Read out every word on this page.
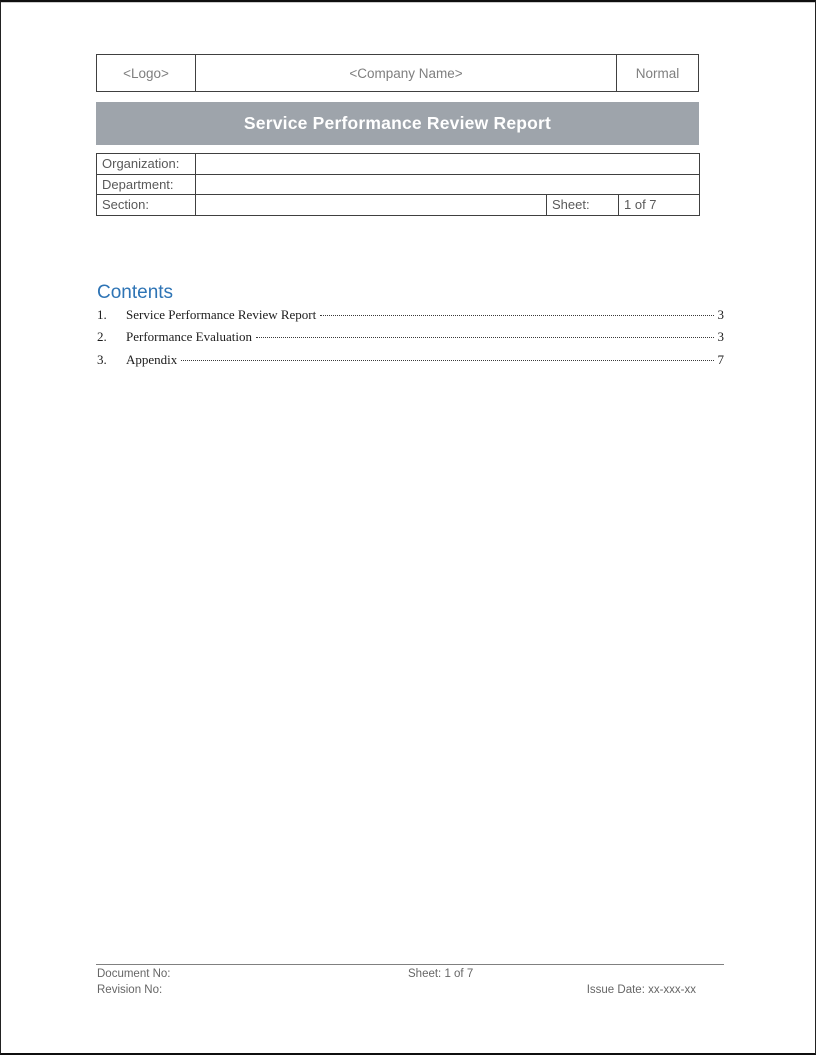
<Logo>	<Company Name>	Normal
Service Performance Review Report
Organization:			
Department:			
Section:		Sheet:	1 of 7
Contents
1.	Service Performance Review Report	3
2.	Performance Evaluation	3
3.	Appendix	7
Document No:	Sheet: 1 of 7
Revision No:	Issue Date: xx-xxx-xx
